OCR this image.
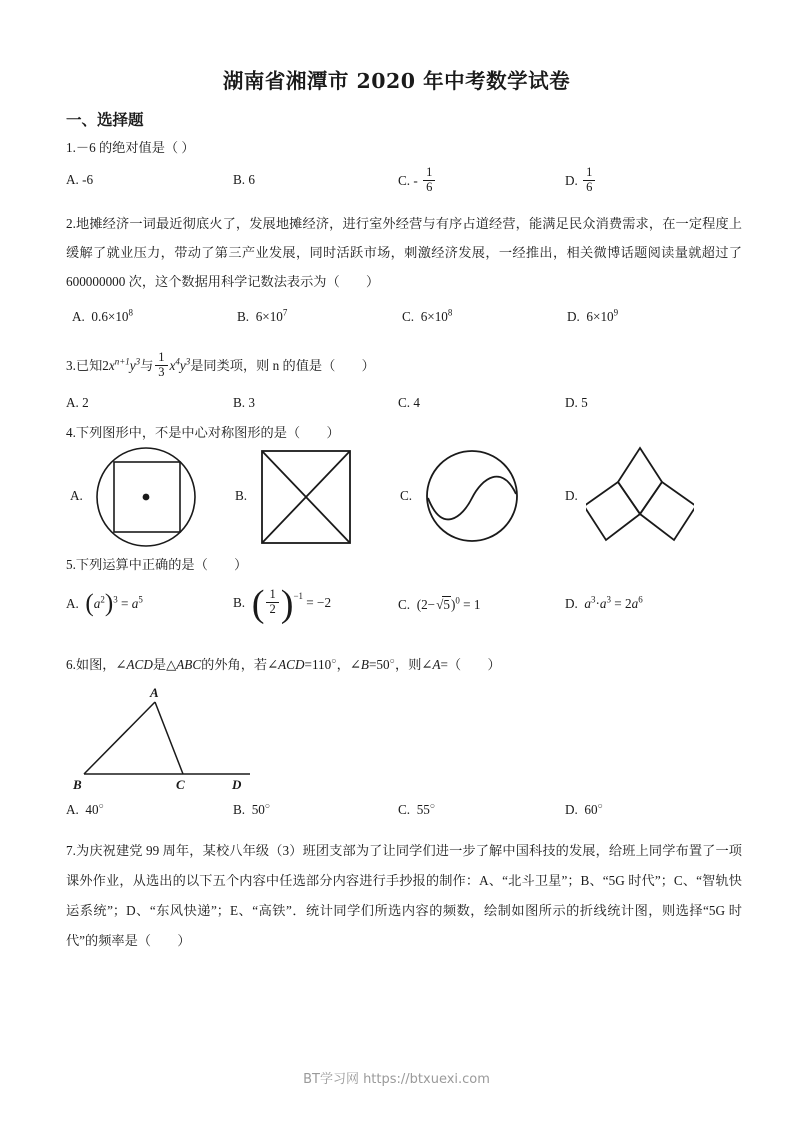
湖南省湘潭市 2020 年中考数学试卷
一、选择题
1.－6 的绝对值是（ ）
A. -6	B. 6	C. - $\frac{1}{6}$	D. $\frac{1}{6}$
2.地摊经济一词最近彻底火了，发展地摊经济，进行室外经营与有序占道经营，能满足民众消费需求，在一定程度上缓解了就业压力，带动了第三产业发展，同时活跃市场，刺激经济发展，一经推出，相关微博话题阅读量就超过了 600000000 次，这个数据用科学记数法表示为（　　）
A. $0.6\times 10^8$	B. $6\times 10^7$	C. $6\times 10^8$	D. $6\times 10^9$
3.已知$2x^{n+1}y^3$与 $\frac{1}{3} x^4y^3$是同类项，则 n 的值是（　　）
A. 2	B. 3	C. 4	D. 5
4.下列图形中，不是中心对称图形的是（　　）
A.	B.	C.	D.
5.下列运算中正确的是（　　）
A. $(a^2)^3 = a^5$	B. ( $\frac{1}{2} )^{-1} = -2$	C.  $(2-√5)^0 = 1$	D. $a^3\cdot a^3 = 2a^6$
6.如图，∠ACD是△ABC的外角，若∠ACD=110○，∠B=50○，则∠A=（　　）
A
B	C	D
A. 40○	B. 50○	C. 55○	D. 60○
7.为庆祝建党 99 周年，某校八年级（3）班团支部为了让同学们进一步了解中国科技的发展，给班上同学布置了一项课外作业，从选出的以下五个内容中任选部分内容进行手抄报的制作：A、“北斗卫星”；B、“5G 时代”；C、“智轨快运系统”；D、“东风快递”；E、“高铁”．统计同学们所选内容的频数，绘制如图所示的折线统计图，则选择“5G 时代”的频率是（　　）
BT学习网 https://btxuexi.com
